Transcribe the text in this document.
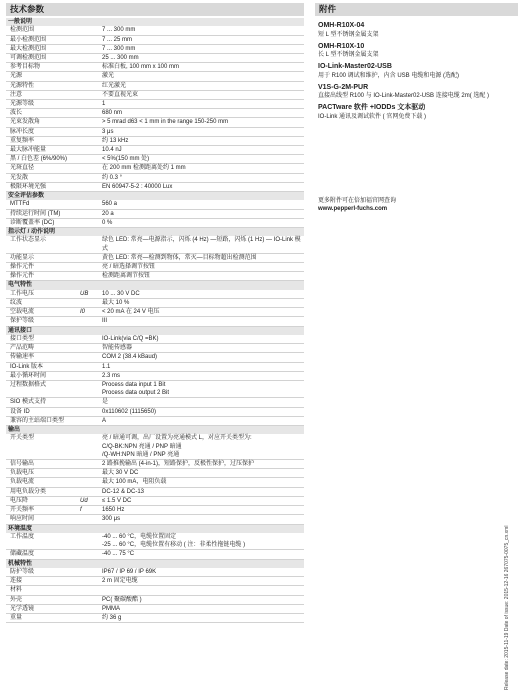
技术参数	附件
一般说明
检测范围	7 ... 300 mm
最小检测范围	7 ... 25 mm
最大检测范围	7 ... 300 mm
可调检测范围	25 ... 300 mm
参考目标物	标准白板, 100 mm x 100 mm
光源	激光
光源特性	红光激光
注意	不要直视光束
光源等级	1
波长	680 nm
光束发散角	> 5 mrad d63 < 1 mm in the range 150-250 mm
脉冲长度	3 μs
重复频率	约 13 kHz
最大脉冲能量	10.4 nJ
黑 / 白色差 (6%/90%)	< 5%(150 mm 处)
光斑直径	在 200 mm 检测距离处约 1 mm
光发散	约 0.3 °
极限环境光强	EN 60947-5-2 : 40000 Lux
安全评估参数
MTTFd	560 a
持续运行时间 (TM)	20 a
诊断覆盖率 (DC)	0 %
指示灯 / 动作说明
工作状态显示	绿色 LED: 常亮—电源指示，闪烁 (4 Hz) —短路，闪烁 (1 Hz) — IO-Link 模式
功能显示	黄色 LED: 常亮—检测到物体，常灭—目标物超出检测范围
操作元件	亮 / 暗选择调节按钮
操作元件	检测距离调节按钮
电气特性
工作电压	UB	10 ... 30 V DC
纹波	最大 10 %
空载电流	I0	< 20 mA 在 24 V 电压
保护等级	III
通讯接口
接口类型	IO-Link(via C/Q =BK)
产品范畴	智能传感器
传输速率	COM 2 (38.4 kBaud)
IO-Link 版本	1.1
最小循环时间	2.3 ms
过程数据格式	Process data input 1 Bit
Process data output 2 Bit
SIO 模式支持	是
设备 ID	0x110602 (1115650)
兼容的主站端口类型	A
输出
开关类型	亮 / 暗通可调，出厂设置为亮通模式 L，对应开关类型为:
C/Q-BK:NPN 亮通 / PNP 暗通
/Q-WH:NPN 暗通 / PNP 亮通
信号输出	2 路推挽输出 (4-in-1)，短路保护，反极性保护，过压保护
负载电压	最大 30 V DC
负载电流	最大 100 mA，电阻负载
用电负载分类	DC-12 & DC-13
电压降	Ud	≤ 1.5 V DC
开关频率	f	1650 Hz
响应时间	300 μs
环境温度
工作温度	-40 ... 60 °C，电缆位置固定
-25 ... 60 °C，电缆位置有移动 ( 注：非柔性拖链电缆 )
储藏温度	-40 ... 75 °C
机械特性
防护等级	IP67 / IP 69 / IP 69K
连接	2 m 固定电缆
材料

外壳	PC( 聚碳酸酯 )
光学透镜	PMMA
重量	约 36 g
OMH-R10X-04
短 L 型不锈钢金属支架
OMH-R10X-10
长 L 型不锈钢金属支架
IO-Link-Master02-USB
用于 R100 调试和维护，内含 USB 电缆和电源 (选配)
V1S-G-2M-PUR
直接出线型 R100 与 IO-Link-Master02-USB 连接电缆 2m( 选配 )
PACTware 软件 +IODDs 文本驱动
IO-Link 通讯及调试软件 ( 官网免费下载 )
更多附件可在倍加福官网查询
www.pepperl-fuchs.com
Release date: 2015-11-19 Date of issue: 2015-12-16 267075-0075_cn.xml
